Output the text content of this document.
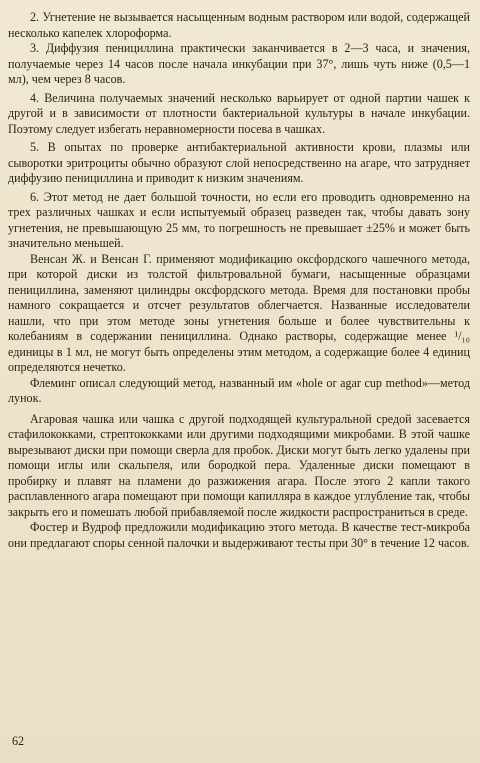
2. Угнетение не вызывается насыщенным водным раствором или водой, содержащей несколько капелек хлороформа.

3. Диффузия пенициллина практически заканчивается в 2—3 часа, и значения, получаемые через 14 часов после начала инкубации при 37°, лишь чуть ниже (0,5—1 мл), чем через 8 часов.

4. Величина получаемых значений несколько варьирует от одной партии чашек к другой и в зависимости от плотности бактериальной культуры в начале инкубации. Поэтому следует избегать неравномерности посева в чашках.

5. В опытах по проверке антибактериальной активности крови, плазмы или сыворотки эритроциты обычно образуют слой непосредственно на агаре, что затрудняет диффузию пенициллина и приводит к низким значениям.

6. Этот метод не дает большой точности, но если его проводить одновременно на трех различных чашках и если испытуемый образец разведен так, чтобы давать зону угнетения, не превышающую 25 мм, то погрешность не превышает ±25% и может быть значительно меньшей.

Венсан Ж. и Венсан Г. применяют модификацию оксфордского чашечного метода, при которой диски из толстой фильтровальной бумаги, насыщенные образцами пенициллина, заменяют цилиндры оксфордского метода. Время для постановки пробы намного сокращается и отсчет результатов облегчается. Названные исследователи нашли, что при этом методе зоны угнетения больше и более чувствительны к колебаниям в содержании пенициллина. Однако растворы, содержащие менее ¹/₁₀ единицы в 1 мл, не могут быть определены этим методом, а содержащие более 4 единиц определяются нечетко.

Флеминг описал следующий метод, названный им «hole or agar cup method»—метод лунок.

Агаровая чашка или чашка с другой подходящей культуральной средой засевается стафилококками, стрептококками или другими подходящими микробами. В этой чашке вырезывают диски при помощи сверла для пробок. Диски могут быть легко удалены при помощи иглы или скальпеля, или бородкой пера. Удаленные диски помещают в пробирку и плавят на пламени до разжижения агара. После этого 2 капли такого расплавленного агара помещают при помощи капилляра в каждое углубление так, чтобы закрыть его и помешать любой прибавляемой после жидкости распространиться в среде.

Фостер и Вудроф предложили модификацию этого метода. В качестве тест-микроба они предлагают споры сенной палочки и выдерживают тесты при 30° в течение 12 часов.

62
